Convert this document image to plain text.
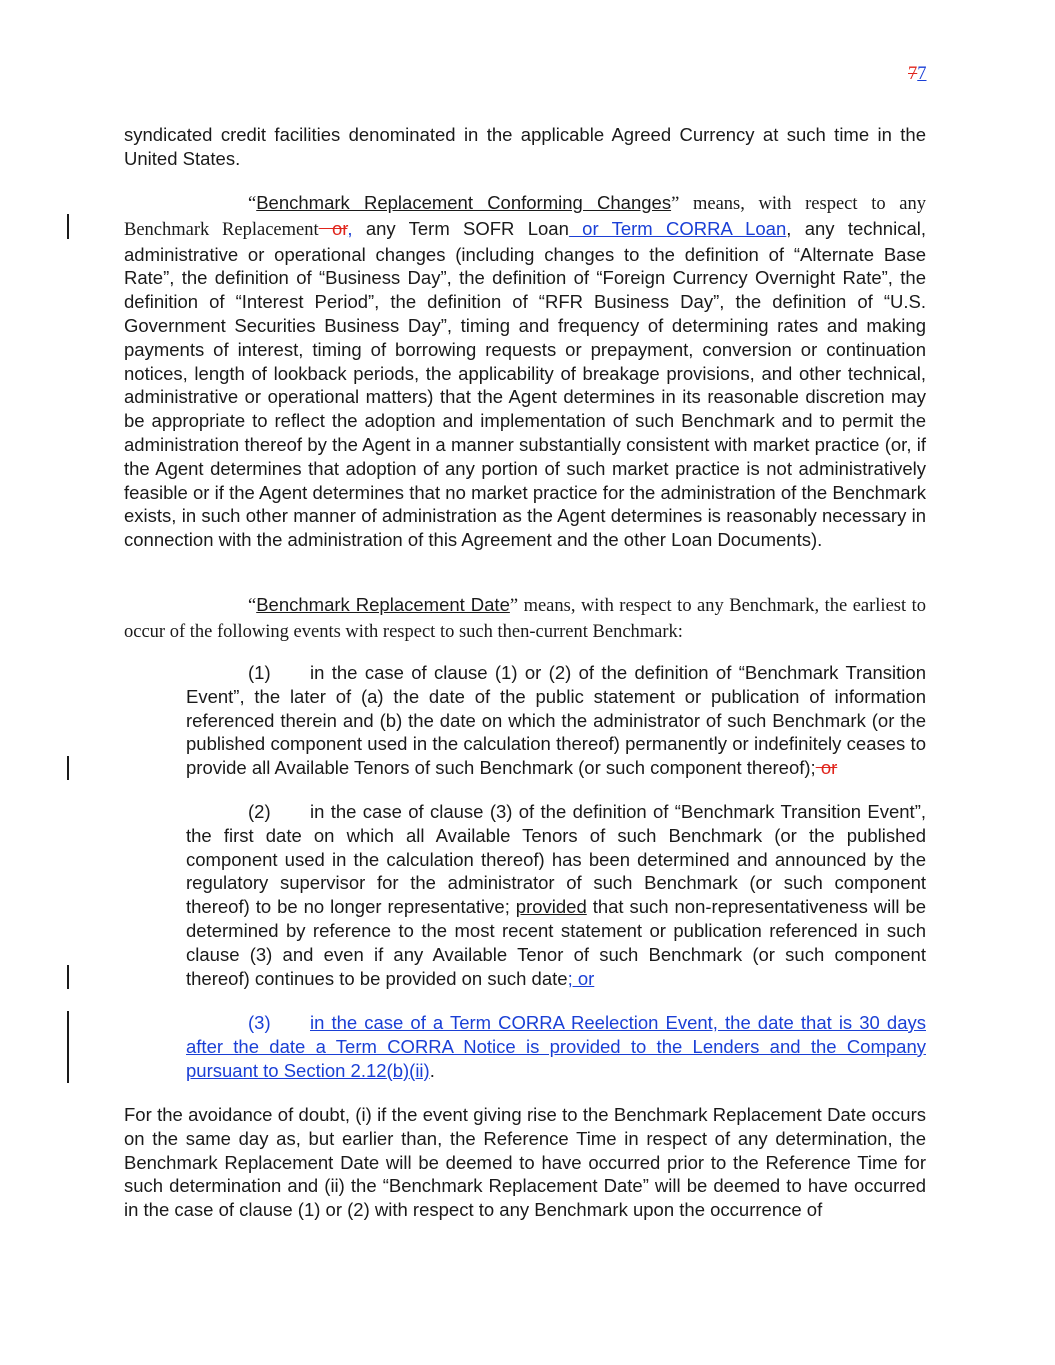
77
syndicated credit facilities denominated in the applicable Agreed Currency at such time in the United States.
“Benchmark Replacement Conforming Changes” means, with respect to any Benchmark Replacement or, any Term SOFR Loan or Term CORRA Loan, any technical, administrative or operational changes (including changes to the definition of “Alternate Base Rate”, the definition of “Business Day”, the definition of “Foreign Currency Overnight Rate”, the definition of “Interest Period”, the definition of “RFR Business Day”, the definition of “U.S. Government Securities Business Day”, timing and frequency of determining rates and making payments of interest, timing of borrowing requests or prepayment, conversion or continuation notices, length of lookback periods, the applicability of breakage provisions, and other technical, administrative or operational matters) that the Agent determines in its reasonable discretion may be appropriate to reflect the adoption and implementation of such Benchmark and to permit the administration thereof by the Agent in a manner substantially consistent with market practice (or, if the Agent determines that adoption of any portion of such market practice is not administratively feasible or if the Agent determines that no market practice for the administration of the Benchmark exists, in such other manner of administration as the Agent determines is reasonably necessary in connection with the administration of this Agreement and the other Loan Documents).
“Benchmark Replacement Date” means, with respect to any Benchmark, the earliest to occur of the following events with respect to such then-current Benchmark:
(1) in the case of clause (1) or (2) of the definition of “Benchmark Transition Event”, the later of (a) the date of the public statement or publication of information referenced therein and (b) the date on which the administrator of such Benchmark (or the published component used in the calculation thereof) permanently or indefinitely ceases to provide all Available Tenors of such Benchmark (or such component thereof); or
(2) in the case of clause (3) of the definition of “Benchmark Transition Event”, the first date on which all Available Tenors of such Benchmark (or the published component used in the calculation thereof) has been determined and announced by the regulatory supervisor for the administrator of such Benchmark (or such component thereof) to be no longer representative; provided that such non-representativeness will be determined by reference to the most recent statement or publication referenced in such clause (3) and even if any Available Tenor of such Benchmark (or such component thereof) continues to be provided on such date; or
(3) in the case of a Term CORRA Reelection Event, the date that is 30 days after the date a Term CORRA Notice is provided to the Lenders and the Company pursuant to Section 2.12(b)(ii).
For the avoidance of doubt, (i) if the event giving rise to the Benchmark Replacement Date occurs on the same day as, but earlier than, the Reference Time in respect of any determination, the Benchmark Replacement Date will be deemed to have occurred prior to the Reference Time for such determination and (ii) the “Benchmark Replacement Date” will be deemed to have occurred in the case of clause (1) or (2) with respect to any Benchmark upon the occurrence of
